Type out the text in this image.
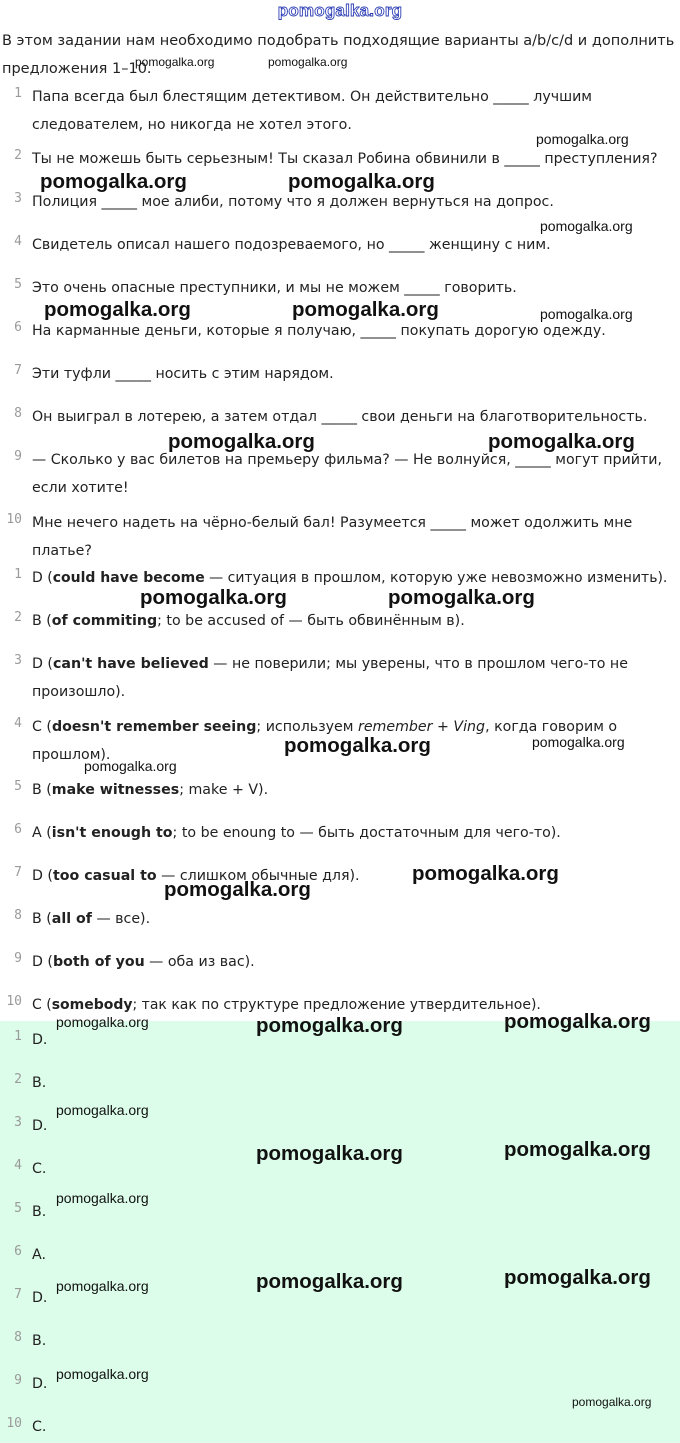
pomogalka.org
В этом задании нам необходимо подобрать подходящие варианты a/b/c/d и дополнить предложения 1–10.
1 Папа всегда был блестящим детективом. Он действительно _____ лучшим следователем, но никогда не хотел этого.
2 Ты не можешь быть серьезным! Ты сказал Робина обвинили в _____ преступления?
3 Полиция _____ мое алиби, потому что я должен вернуться на допрос.
4 Свидетель описал нашего подозреваемого, но _____ женщину с ним.
5 Это очень опасные преступники, и мы не можем _____ говорить.
6 На карманные деньги, которые я получаю, _____ покупать дорогую одежду.
7 Эти туфли _____ носить с этим нарядом.
8 Он выиграл в лотерею, а затем отдал _____ свои деньги на благотворительность.
9 — Сколько у вас билетов на премьеру фильма? — Не волнуйся, _____ могут прийти, если хотите!
10 Мне нечего надеть на чёрно-белый бал! Разумеется _____ может одолжить мне платье?
1 D (could have become — ситуация в прошлом, которую уже невозможно изменить).
2 B (of commiting; to be accused of — быть обвинённым в).
3 D (can't have believed — не поверили; мы уверены, что в прошлом чего-то не произошло).
4 C (doesn't remember seeing; используем remember + Ving, когда говорим о прошлом).
5 B (make witnesses; make + V).
6 A (isn't enough to; to be enoung to — быть достаточным для чего-то).
7 D (too casual to — слишком обычные для).
8 B (all of — все).
9 D (both of you — оба из вас).
10 C (somebody; так как по структуре предложение утвердительное).
1 D.
2 B.
3 D.
4 C.
5 B.
6 A.
7 D.
8 B.
9 D.
10 C.
pomogalka.org	pomogalka.org
pomogalka.org
pomogalka.org	pomogalka.org
pomogalka.org
pomogalka.org	pomogalka.org	pomogalka.org
pomogalka.org	pomogalka.org
pomogalka.org	pomogalka.org
pomogalka.org	pomogalka.org
pomogalka.org
pomogalka.org
pomogalka.org
pomogalka.org	pomogalka.org	pomogalka.org
pomogalka.org
pomogalka.org	pomogalka.org
pomogalka.org
pomogalka.org	pomogalka.org
pomogalka.org
pomogalka.org
pomogalka.org
